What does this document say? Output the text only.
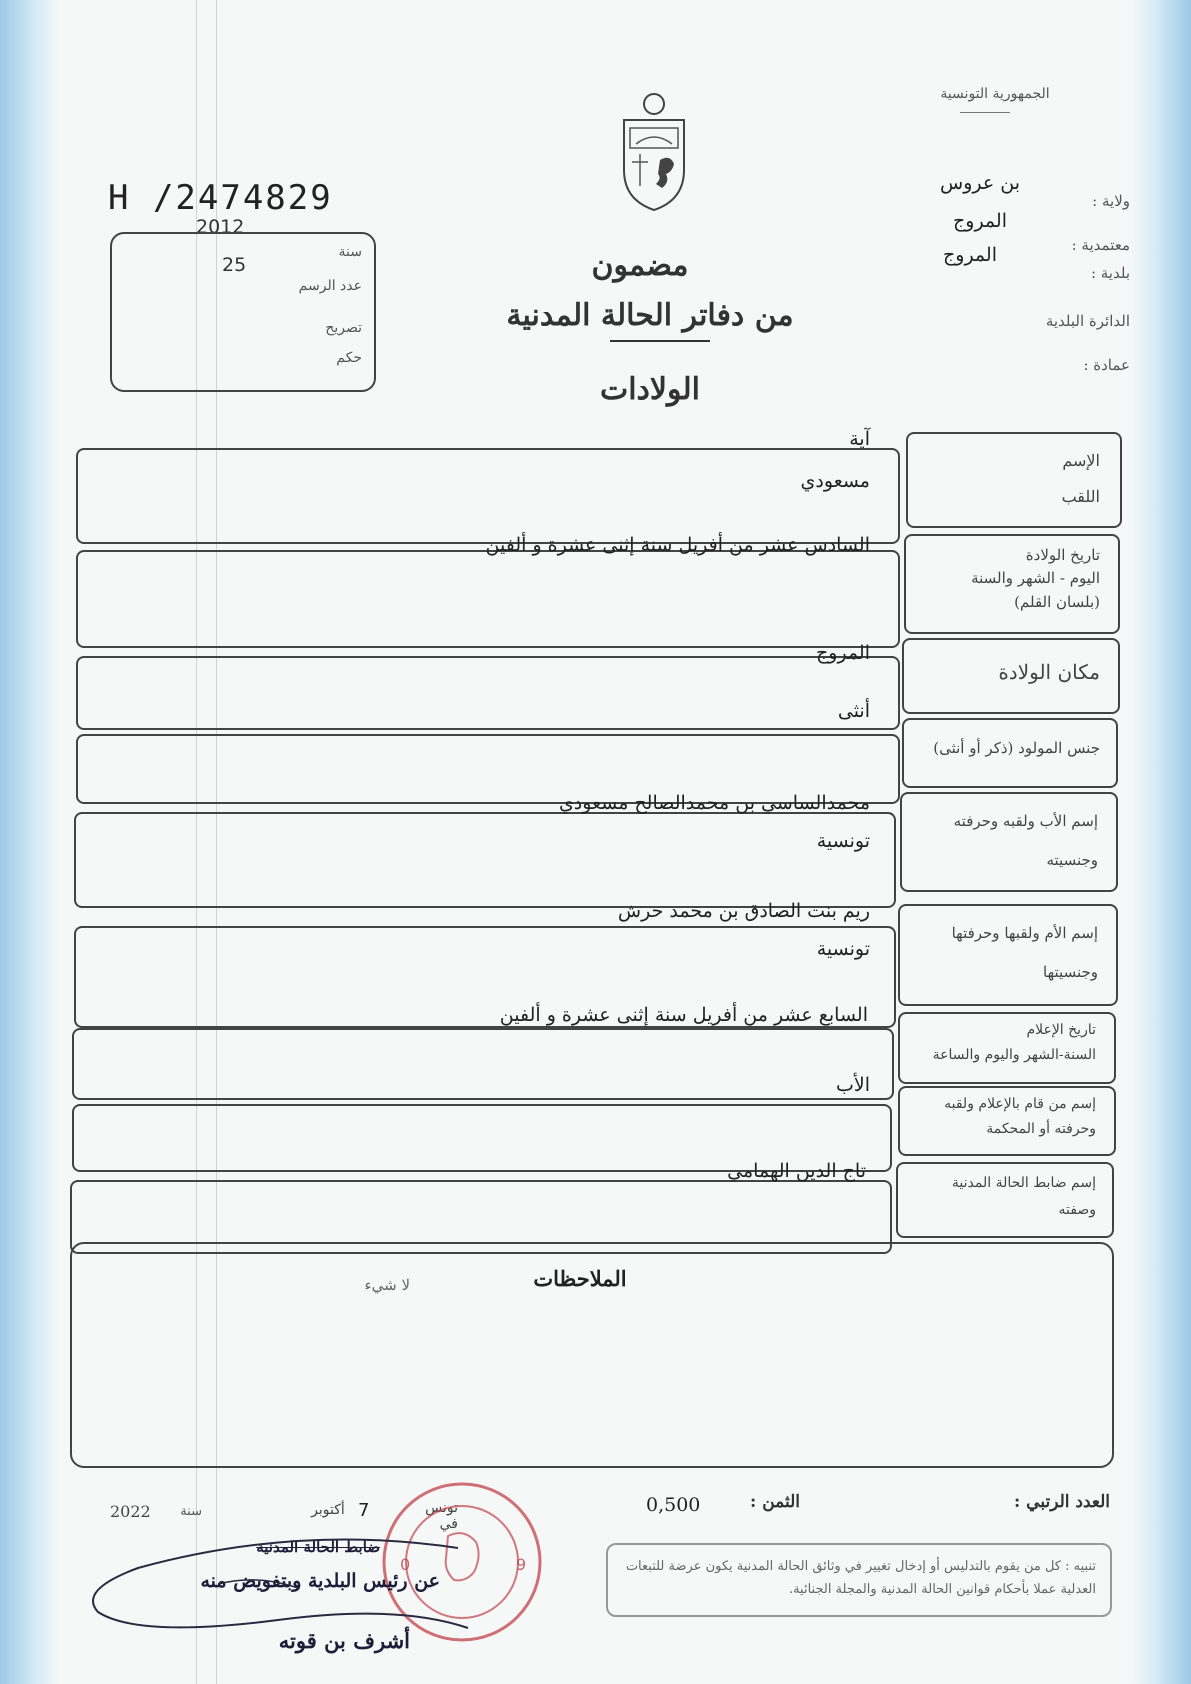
الجمهورية التونسية
H /2474829
2012
25
سنة
عدد الرسم
تصريح
حكم
مضمون
من دفاتر الحالة المدنية
الولادات
ولاية :
بن عروس
معتمدية :
المروج
بلدية :
المروج
الدائرة البلدية
عمادة :
الإسم
اللقب
آية
مسعودي
تاريخ الولادة
اليوم - الشهر والسنة
(بلسان القلم)
السادس عشر من أفريل سنة إثنى عشرة و ألفين
مكان الولادة
المروج
جنس المولود (ذكر أو أنثى)
أنثى
إسم الأب ولقبه وحرفته
وجنسيته
محمدالساسي بن محمدالصالح مسعودي
تونسية
إسم الأم ولقبها وحرفتها
وجنسيتها
ريم بنت الصادق بن محمد حرش
تونسية
تاريخ الإعلام
السنة-الشهر واليوم والساعة
السابع عشر من أفريل سنة إثنى عشرة و ألفين
إسم من قام بالإعلام ولقبه
وحرفته أو المحكمة
الأب
إسم ضابط الحالة المدنية
وصفته
تاج الدين الهمامي
الملاحظات
لا شيء
العدد الرتبي :
الثمن :
0,500
تونس في
7
أكتوبر
سنة
2022
0	9
ضابط الحالة المدنية
عن رئيس البلدية وبتفويض منه
أشرف بن قوته
تنبيه : كل من يقوم بالتدليس أو إدخال تغيير في وثائق الحالة المدنية يكون عرضة للتبعات العدلية عملا بأحكام قوانين الحالة المدنية والمجلة الجنائية.
